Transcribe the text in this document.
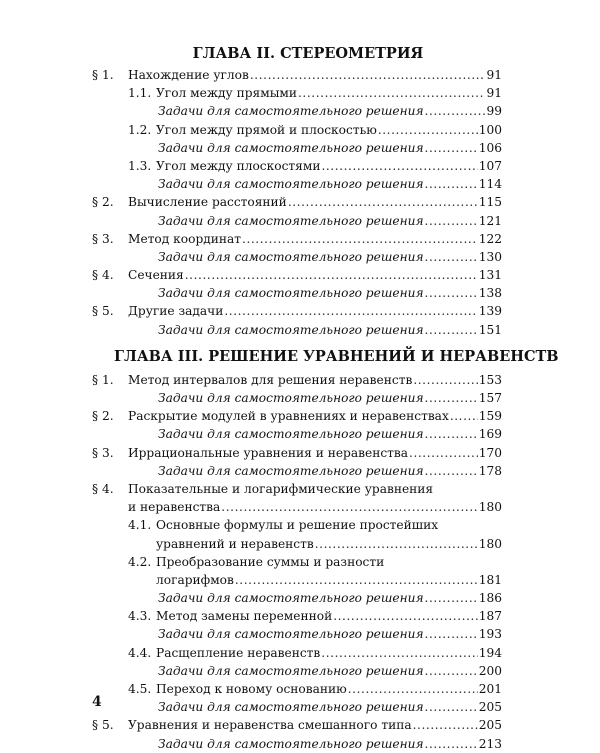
ГЛАВА II. СТЕРЕОМЕТРИЯ
§ 1. Нахождение углов . . .	91
1.1. Угол между прямыми . . .	91
Задачи для самостоятельного решения . . .	99
1.2. Угол между прямой и плоскостью . . .	100
Задачи для самостоятельного решения . . .	106
1.3. Угол между плоскостями . . .	107
Задачи для самостоятельного решения . . .	114
§ 2. Вычисление расстояний . . .	115
Задачи для самостоятельного решения . . .	121
§ 3. Метод координат . . .	122
Задачи для самостоятельного решения . . .	130
§ 4. Сечения . . .	131
Задачи для самостоятельного решения . . .	138
§ 5. Другие задачи . . .	139
Задачи для самостоятельного решения . . .	151
ГЛАВА III. РЕШЕНИЕ УРАВНЕНИЙ И НЕРАВЕНСТВ
§ 1. Метод интервалов для решения неравенств . . .	153
Задачи для самостоятельного решения . . .	157
§ 2. Раскрытие модулей в уравнениях и неравенствах . . . 159
Задачи для самостоятельного решения . . .	169
§ 3. Иррациональные уравнения и неравенства . . .	170
Задачи для самостоятельного решения . . .	178
§ 4. Показательные и логарифмические уравнения
и неравенства . . .	180
4.1. Основные формулы и решение простейших
уравнений и неравенств . . .	180
4.2. Преобразование суммы и разности
логарифмов . . .	181
Задачи для самостоятельного решения . . .	186
4.3. Метод замены переменной . . .	187
Задачи для самостоятельного решения . . .	193
4.4. Расщепление неравенств . . .	194
Задачи для самостоятельного решения . . .	200
4.5. Переход к новому основанию . . .	201
Задачи для самостоятельного решения . . .	205
§ 5. Уравнения и неравенства смешанного типа . . .	205
Задачи для самостоятельного решения . . .	213
4
